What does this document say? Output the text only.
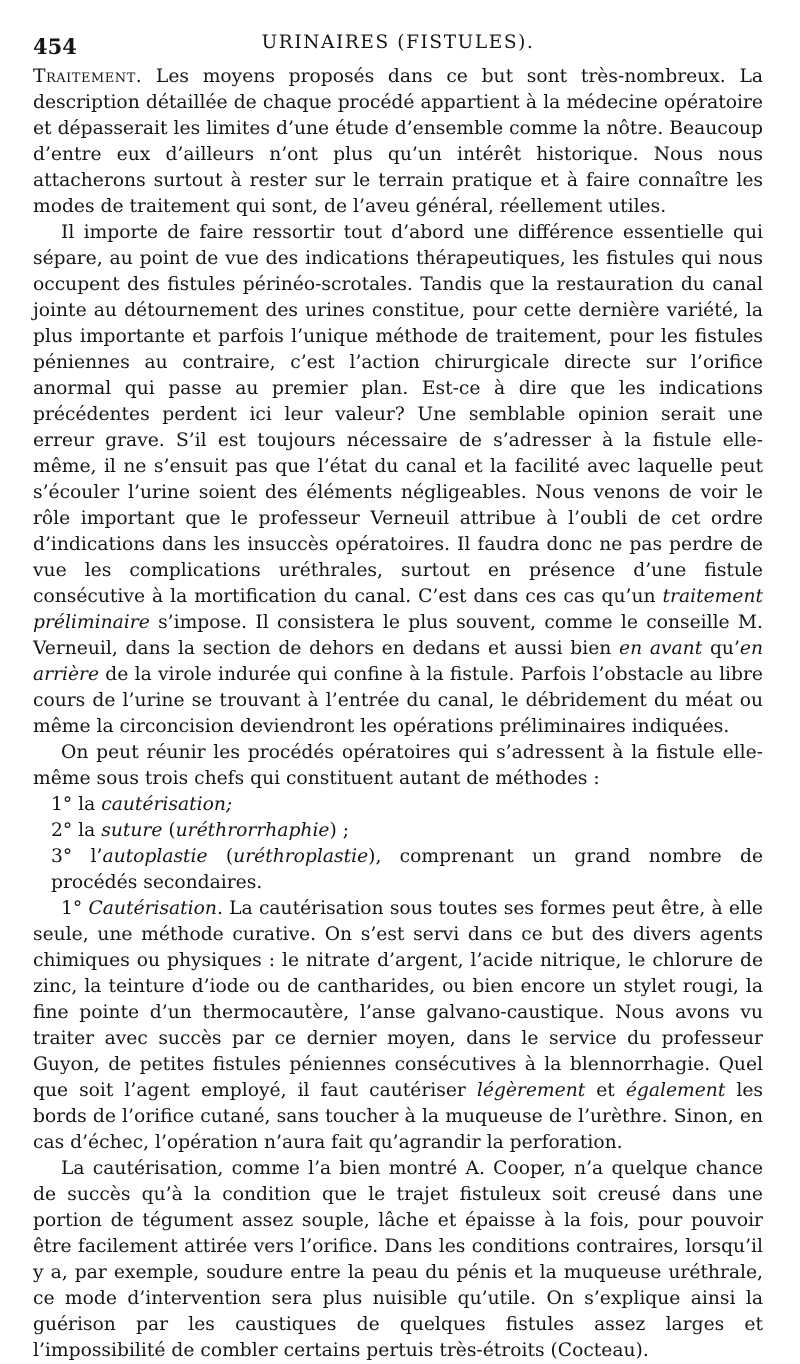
454	URINAIRES (FISTULES).

Traitement. Les moyens proposés dans ce but sont très-nombreux. La description détaillée de chaque procédé appartient à la médecine opératoire et dépasserait les limites d’une étude d’ensemble comme la nôtre. Beaucoup d’entre eux d’ailleurs n’ont plus qu’un intérêt historique. Nous nous attacherons surtout à rester sur le terrain pratique et à faire connaître les modes de traitement qui sont, de l’aveu général, réellement utiles.

Il importe de faire ressortir tout d’abord une différence essentielle qui sépare, au point de vue des indications thérapeutiques, les fistules qui nous occupent des fistules périnéo-scrotales. Tandis que la restauration du canal jointe au détournement des urines constitue, pour cette dernière variété, la plus importante et parfois l’unique méthode de traitement, pour les fistules péniennes au contraire, c’est l’action chirurgicale directe sur l’orifice anormal qui passe au premier plan. Est-ce à dire que les indications précédentes perdent ici leur valeur? Une semblable opinion serait une erreur grave. S’il est toujours nécessaire de s’adresser à la fistule elle-même, il ne s’ensuit pas que l’état du canal et la facilité avec laquelle peut s’écouler l’urine soient des éléments négligeables. Nous venons de voir le rôle important que le professeur Verneuil attribue à l’oubli de cet ordre d’indications dans les insuccès opératoires. Il faudra donc ne pas perdre de vue les complications uréthrales, surtout en présence d’une fistule consécutive à la mortification du canal. C’est dans ces cas qu’un traitement préliminaire s’impose. Il consistera le plus souvent, comme le conseille M. Verneuil, dans la section de dehors en dedans et aussi bien en avant qu’en arrière de la virole indurée qui confine à la fistule. Parfois l’obstacle au libre cours de l’urine se trouvant à l’entrée du canal, le débridement du méat ou même la circoncision deviendront les opérations préliminaires indiquées.

On peut réunir les procédés opératoires qui s’adressent à la fistule elle-même sous trois chefs qui constituent autant de méthodes :

1° la cautérisation;

2° la suture (uréthrorrhaphie) ;

3° l’autoplastie (uréthroplastie), comprenant un grand nombre de procédés secondaires.

1° Cautérisation. La cautérisation sous toutes ses formes peut être, à elle seule, une méthode curative. On s’est servi dans ce but des divers agents chimiques ou physiques : le nitrate d’argent, l’acide nitrique, le chlorure de zinc, la teinture d’iode ou de cantharides, ou bien encore un stylet rougi, la fine pointe d’un thermocautère, l’anse galvano-caustique. Nous avons vu traiter avec succès par ce dernier moyen, dans le service du professeur Guyon, de petites fistules péniennes consécutives à la blennorrhagie. Quel que soit l’agent employé, il faut cautériser légèrement et également les bords de l’orifice cutané, sans toucher à la muqueuse de l’urèthre. Sinon, en cas d’échec, l’opération n’aura fait qu’agrandir la perforation.

La cautérisation, comme l’a bien montré A. Cooper, n’a quelque chance de succès qu’à la condition que le trajet fistuleux soit creusé dans une portion de tégument assez souple, lâche et épaisse à la fois, pour pouvoir être facilement attirée vers l’orifice. Dans les conditions contraires, lorsqu’il y a, par exemple, soudure entre la peau du pénis et la muqueuse uréthrale, ce mode d’intervention sera plus nuisible qu’utile. On s’explique ainsi la guérison par les caustiques de quelques fistules assez larges et l’impossibilité de combler certains pertuis très-étroits (Cocteau).
